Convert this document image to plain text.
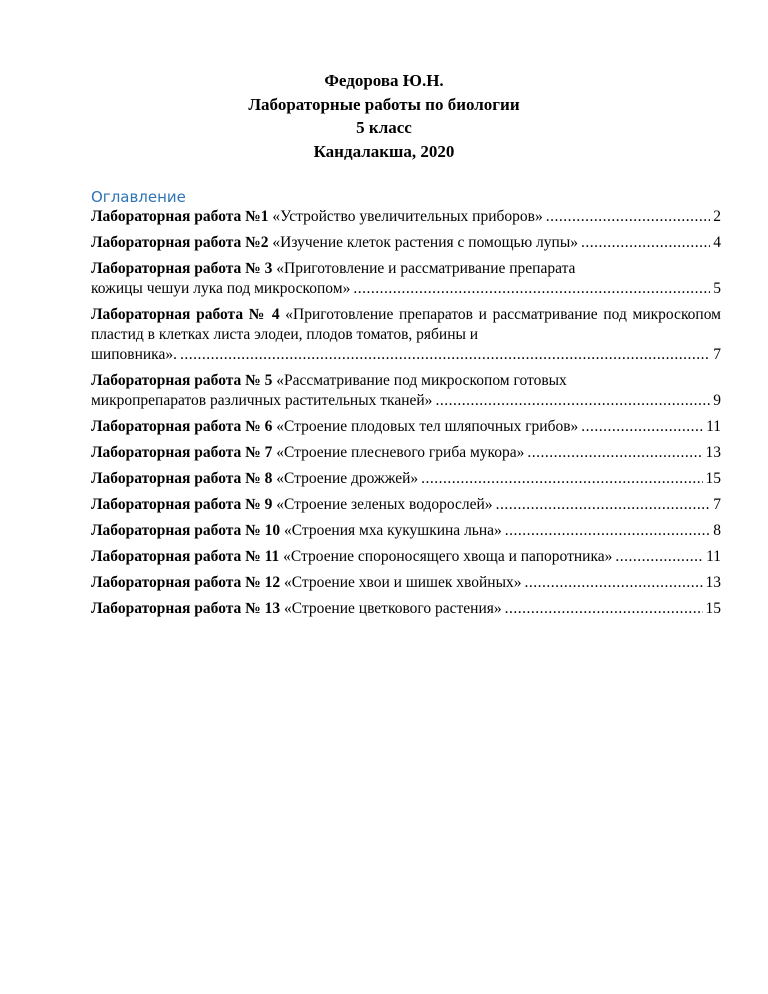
Федорова Ю.Н.
Лабораторные работы по биологии
5 класс
Кандалакша, 2020
Оглавление
Лабораторная работа №1 «Устройство увеличительных приборов» .....	2
Лабораторная работа №2 «Изучение клеток растения с помощью лупы» .....	4
Лабораторная работа № 3 «Приготовление и рассматривание препарата
кожицы чешуи лука под микроскопом» .....	5
Лабораторная работа № 4 «Приготовление препаратов и рассматривание под микроскопом пластид в клетках листа элодеи, плодов томатов, рябины и
шиповника». .....	7
Лабораторная работа № 5 «Рассматривание под микроскопом готовых
микропрепаратов различных растительных тканей» .....	9
Лабораторная работа № 6 «Строение плодовых тел шляпочных грибов» .....	11
Лабораторная работа № 7 «Строение плесневого гриба мукора» .....	13
Лабораторная работа № 8 «Строение дрожжей» .....	15
Лабораторная работа № 9 «Строение зеленых водорослей» .....	7
Лабораторная работа № 10 «Строения мха кукушкина льна» .....	8
Лабораторная работа № 11 «Строение спороносящего хвоща и папоротника» .....	11
Лабораторная работа № 12 «Строение хвои и шишек хвойных» .....	13
Лабораторная работа № 13 «Строение цветкового растения» .....	15
